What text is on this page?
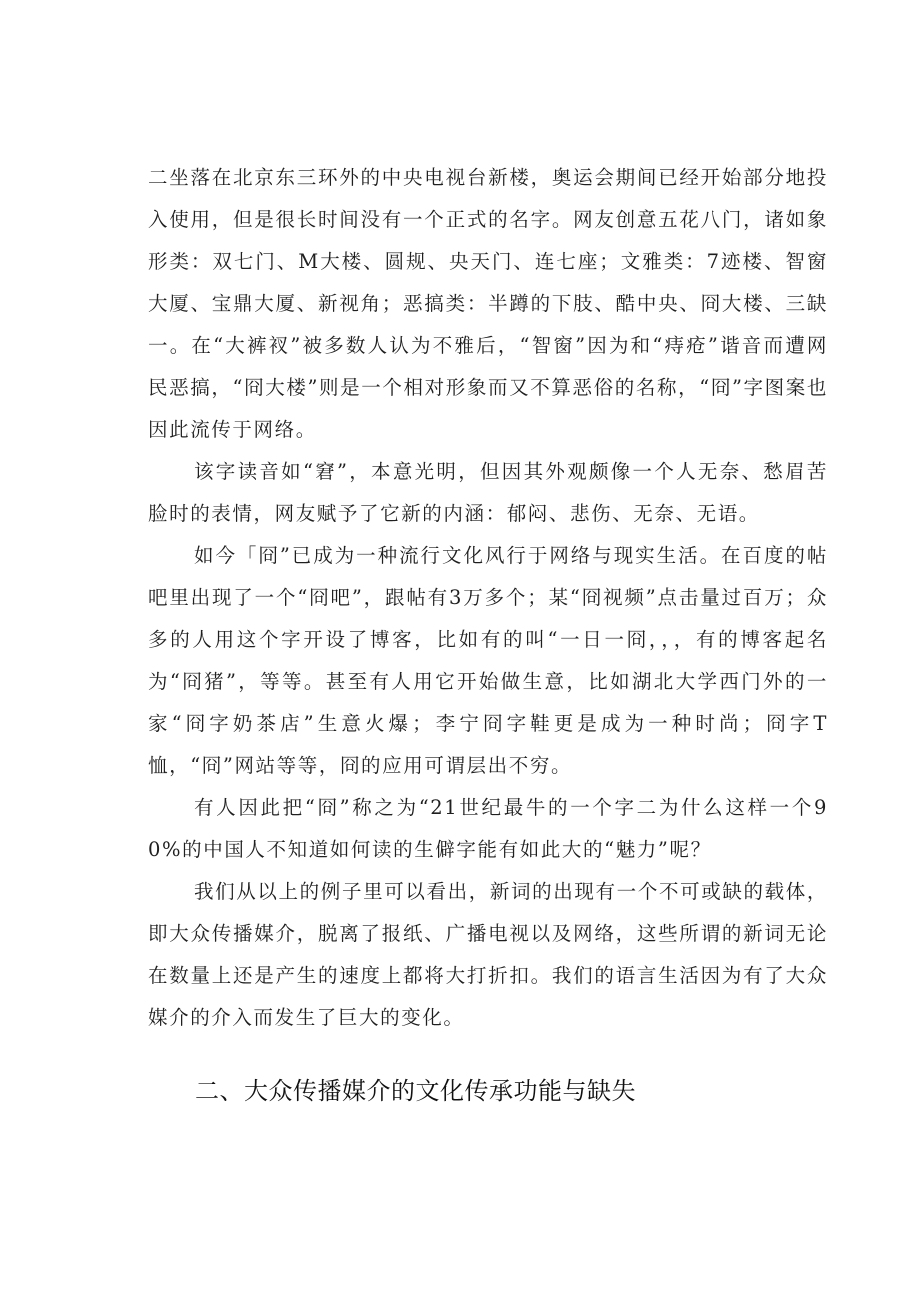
二坐落在北京东三环外的中央电视台新楼，奥运会期间已经开始部分地投入使用，但是很长时间没有一个正式的名字。网友创意五花八门，诸如象形类：双七门、M大楼、圆规、央天门、连七座；文雅类：7迹楼、智窗大厦、宝鼎大厦、新视角；恶搞类：半蹲的下肢、酷中央、冏大楼、三缺一。在“大裤衩”被多数人认为不雅后，“智窗”因为和“痔疮”谐音而遭网民恶搞，“冏大楼”则是一个相对形象而又不算恶俗的名称，“冏”字图案也因此流传于网络。

该字读音如“窘”，本意光明，但因其外观颇像一个人无奈、愁眉苦脸时的表情，网友赋予了它新的内涵：郁闷、悲伤、无奈、无语。

如今「冏”已成为一种流行文化风行于网络与现实生活。在百度的帖吧里出现了一个“冏吧”，跟帖有3万多个；某“冏视频”点击量过百万；众多的人用这个字开设了博客，比如有的叫“一日一冏，，，有的博客起名为“冏猪”，等等。甚至有人用它开始做生意，比如湖北大学西门外的一家“冏字奶茶店”生意火爆；李宁冏字鞋更是成为一种时尚；冏字T恤，“冏”网站等等，冏的应用可谓层出不穷。

有人因此把“冏”称之为“21世纪最牛的一个字二为什么这样一个90%的中国人不知道如何读的生僻字能有如此大的“魅力”呢？

我们从以上的例子里可以看出，新词的出现有一个不可或缺的载体，即大众传播媒介，脱离了报纸、广播电视以及网络，这些所谓的新词无论在数量上还是产生的速度上都将大打折扣。我们的语言生活因为有了大众媒介的介入而发生了巨大的变化。

二、大众传播媒介的文化传承功能与缺失
